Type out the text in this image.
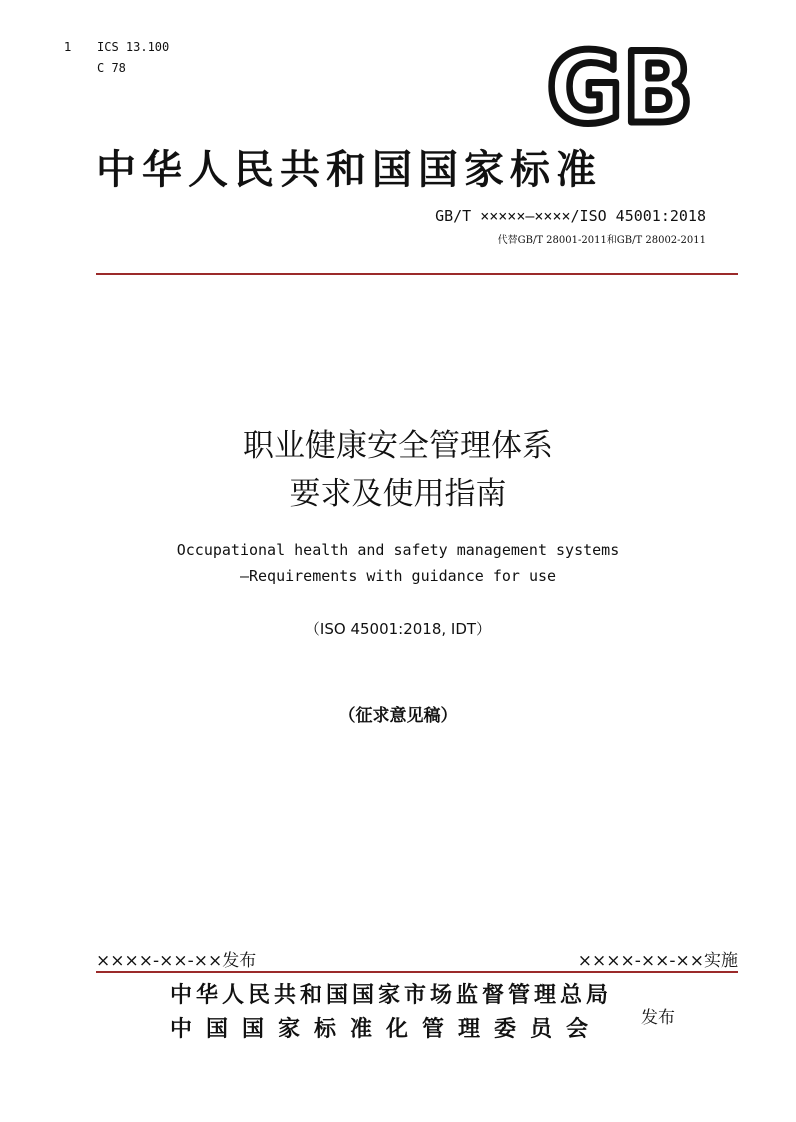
1 ICS 13.100
C 78	GB
中华人民共和国国家标准
GB/T ×××××—××××/ISO 45001:2018
代替GB/T 28001-2011和GB/T 28002-2011
职业健康安全管理体系
要求及使用指南
Occupational health and safety management systems
—Requirements with guidance for use
（ISO 45001:2018, IDT）
（征求意见稿）
××××-××-××发布	××××-××-××实施
中华人民共和国国家市场监督管理总局
中国国家标准化管理委员会 发布
